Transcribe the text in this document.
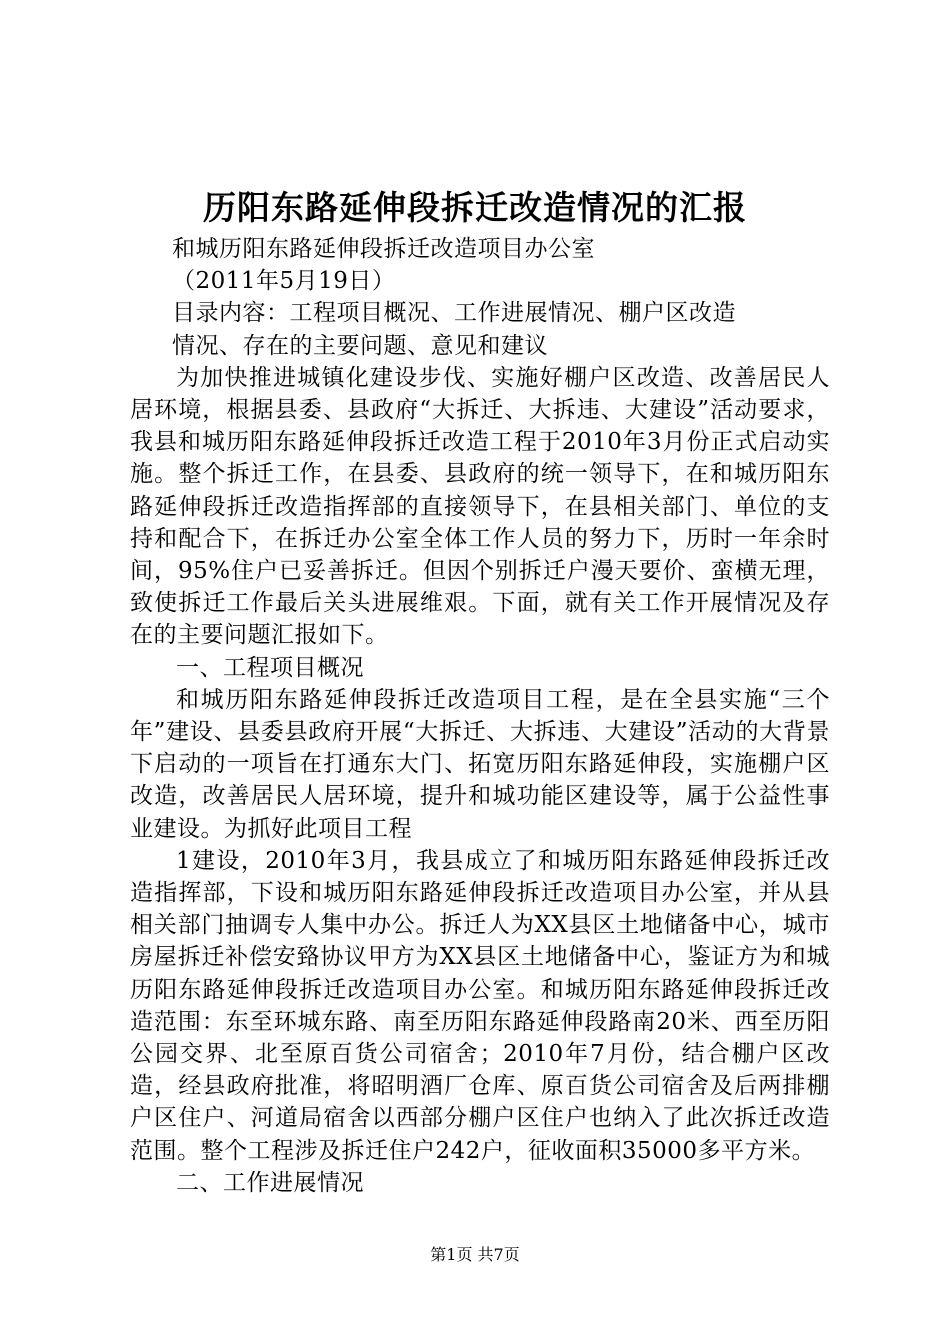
历阳东路延伸段拆迁改造情况的汇报

和城历阳东路延伸段拆迁改造项目办公室

（2011年5月19日）

目录内容：工程项目概况、工作进展情况、棚户区改造

情况、存在的主要问题、意见和建议

为加快推进城镇化建设步伐、实施好棚户区改造、改善居民人居环境，根据县委、县政府“大拆迁、大拆违、大建设”活动要求，我县和城历阳东路延伸段拆迁改造工程于2010年3月份正式启动实施。整个拆迁工作，在县委、县政府的统一领导下，在和城历阳东路延伸段拆迁改造指挥部的直接领导下，在县相关部门、单位的支持和配合下，在拆迁办公室全体工作人员的努力下，历时一年余时间，95%住户已妥善拆迁。但因个别拆迁户漫天要价、蛮横无理，致使拆迁工作最后关头进展维艰。下面，就有关工作开展情况及存在的主要问题汇报如下。

一、工程项目概况

和城历阳东路延伸段拆迁改造项目工程，是在全县实施“三个年”建设、县委县政府开展“大拆迁、大拆违、大建设”活动的大背景下启动的一项旨在打通东大门、拓宽历阳东路延伸段，实施棚户区改造，改善居民人居环境，提升和城功能区建设等，属于公益性事业建设。为抓好此项目工程

1建设，2010年3月，我县成立了和城历阳东路延伸段拆迁改造指挥部，下设和城历阳东路延伸段拆迁改造项目办公室，并从县相关部门抽调专人集中办公。拆迁人为XX县区土地储备中心，城市房屋拆迁补偿安臵协议甲方为XX县区土地储备中心，鉴证方为和城历阳东路延伸段拆迁改造项目办公室。和城历阳东路延伸段拆迁改造范围：东至环城东路、南至历阳东路延伸段路南20米、西至历阳公园交界、北至原百货公司宿舍；2010年7月份，结合棚户区改造，经县政府批准，将昭明酒厂仓库、原百货公司宿舍及后两排棚户区住户、河道局宿舍以西部分棚户区住户也纳入了此次拆迁改造范围。整个工程涉及拆迁住户242户，征收面积35000多平方米。

二、工作进展情况

第1页 共7页
